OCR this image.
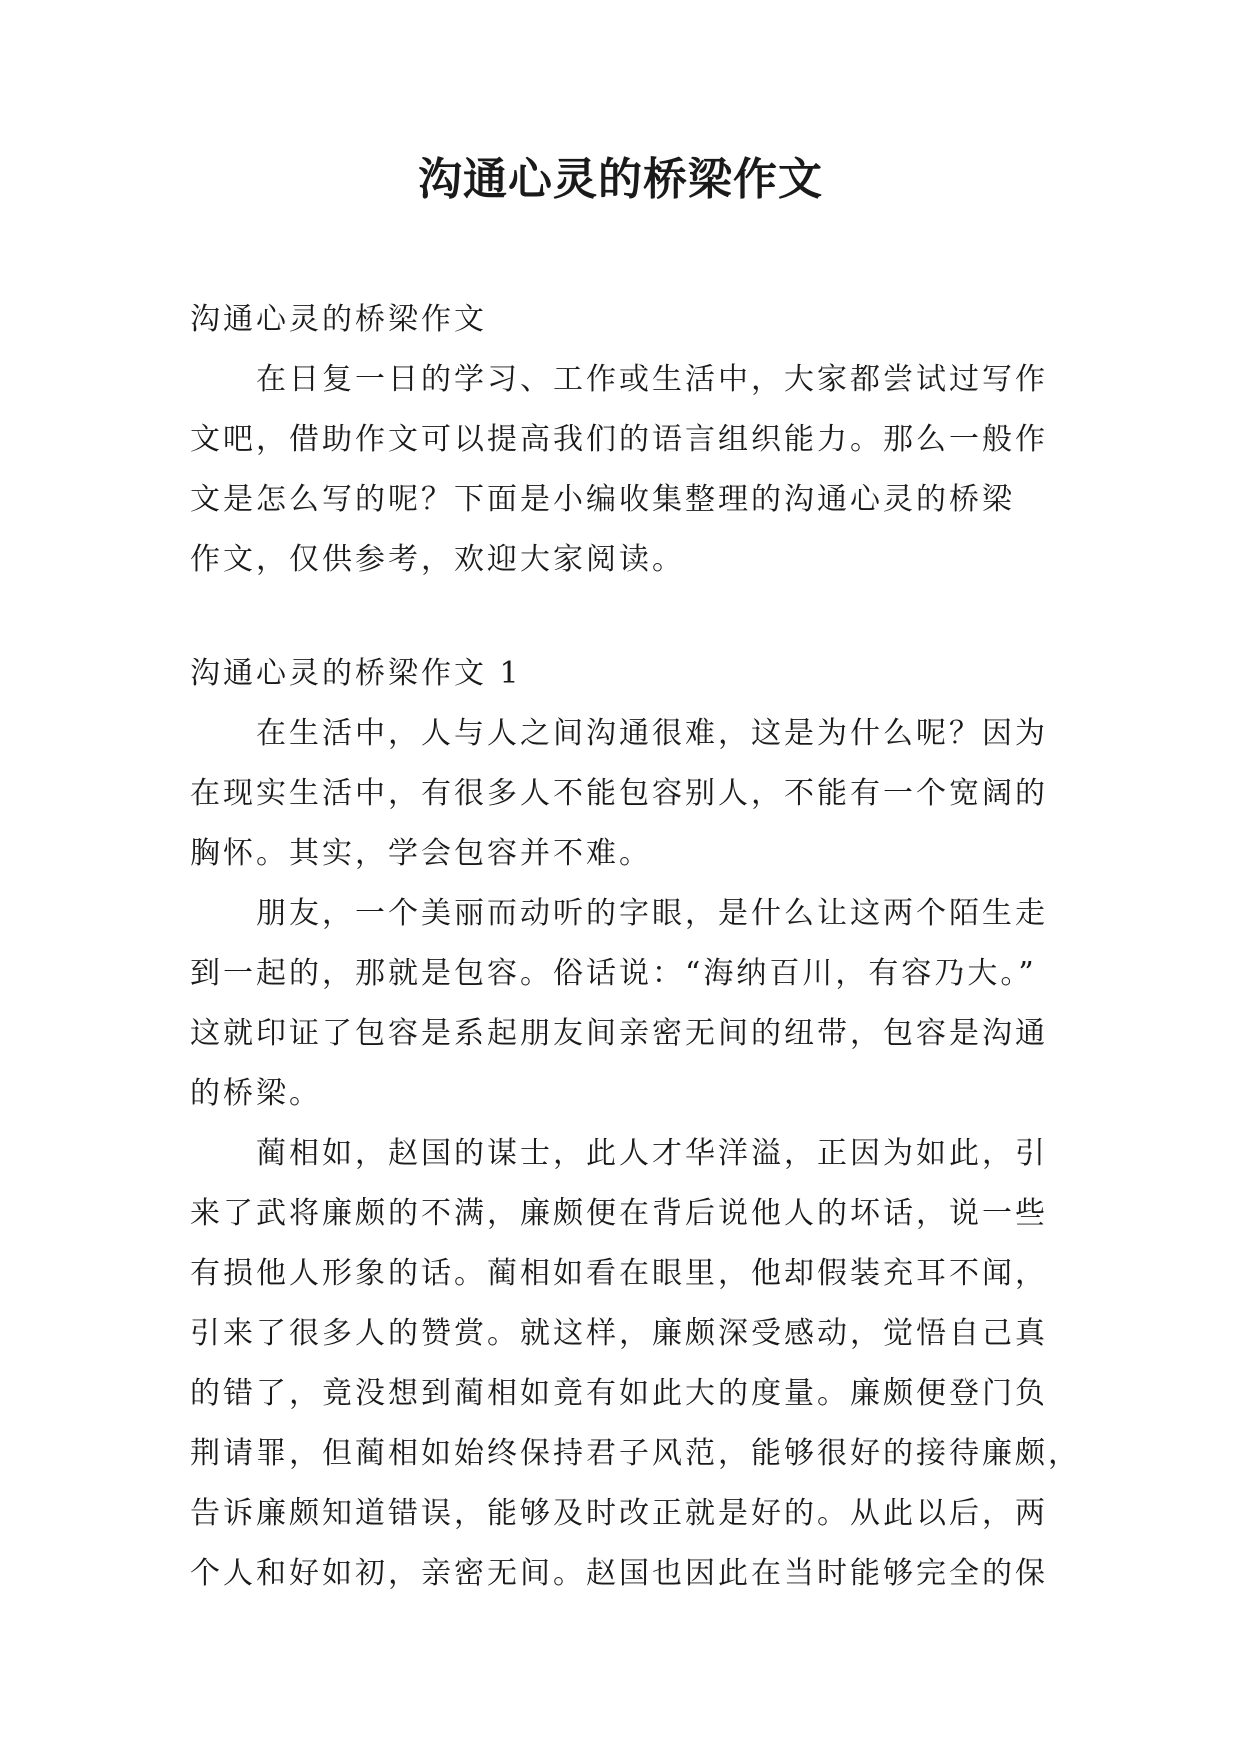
沟通心灵的桥梁作文
沟通心灵的桥梁作文
在日复一日的学习、工作或生活中，大家都尝试过写作
文吧，借助作文可以提高我们的语言组织能力。那么一般作
文是怎么写的呢？下面是小编收集整理的沟通心灵的桥梁
作文，仅供参考，欢迎大家阅读。
沟通心灵的桥梁作文 1
在生活中，人与人之间沟通很难，这是为什么呢？因为
在现实生活中，有很多人不能包容别人，不能有一个宽阔的
胸怀。其实，学会包容并不难。
朋友，一个美丽而动听的字眼，是什么让这两个陌生走
到一起的，那就是包容。俗话说：“海纳百川，有容乃大。”
这就印证了包容是系起朋友间亲密无间的纽带，包容是沟通
的桥梁。
蔺相如，赵国的谋士，此人才华洋溢，正因为如此，引
来了武将廉颇的不满，廉颇便在背后说他人的坏话，说一些
有损他人形象的话。蔺相如看在眼里，他却假装充耳不闻，
引来了很多人的赞赏。就这样，廉颇深受感动，觉悟自己真
的错了，竟没想到蔺相如竟有如此大的度量。廉颇便登门负
荆请罪，但蔺相如始终保持君子风范，能够很好的接待廉颇，
告诉廉颇知道错误，能够及时改正就是好的。从此以后，两
个人和好如初，亲密无间。赵国也因此在当时能够完全的保
